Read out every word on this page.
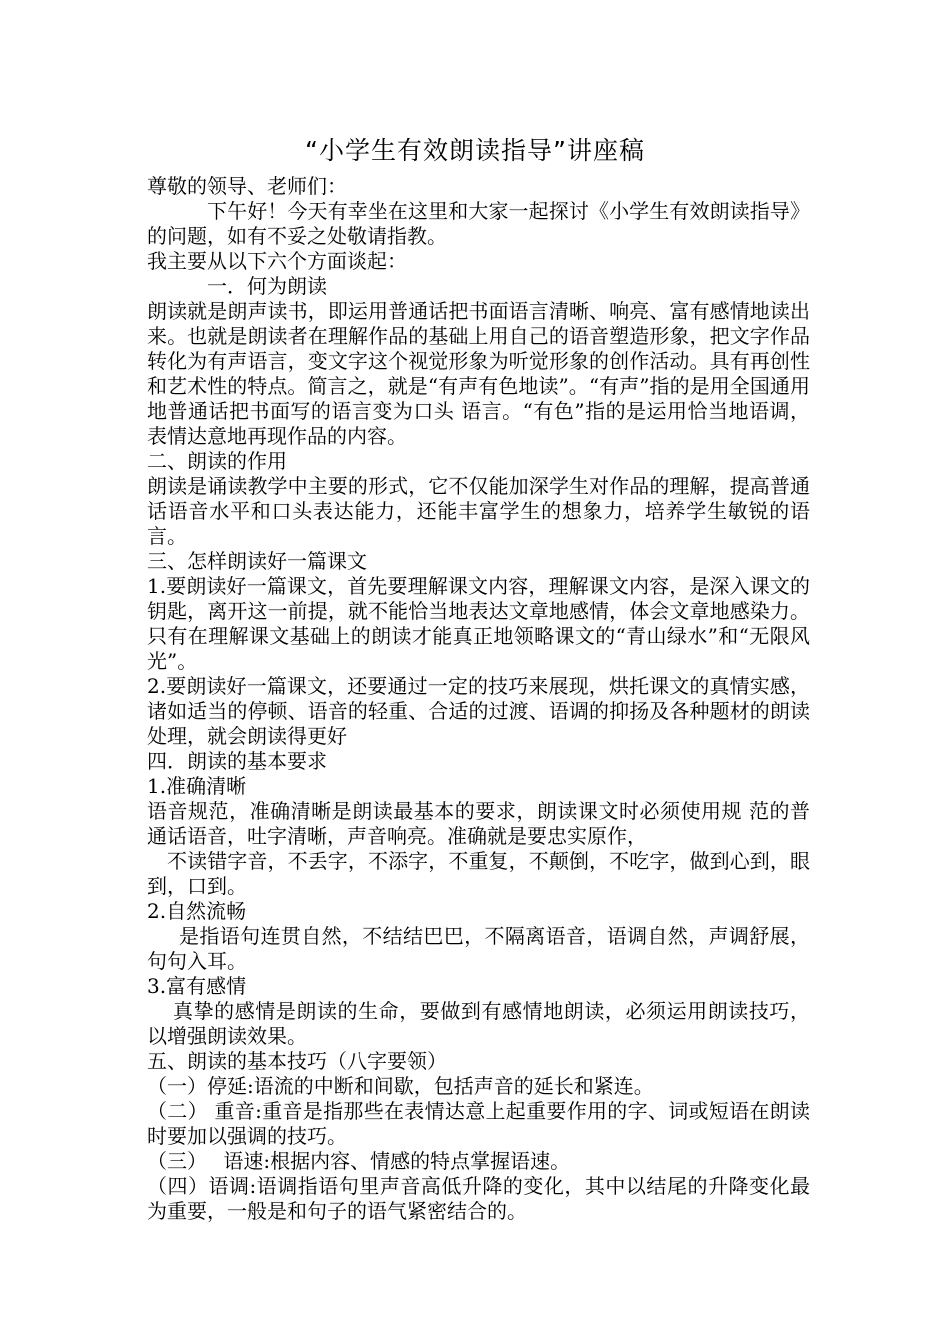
“小学生有效朗读指导”讲座稿

尊敬的领导、老师们：

下午好！今天有幸坐在这里和大家一起探讨《小学生有效朗读指导》的问题，如有不妥之处敬请指教。

我主要从以下六个方面谈起：

一．何为朗读

朗读就是朗声读书，即运用普通话把书面语言清晰、响亮、富有感情地读出来。也就是朗读者在理解作品的基础上用自己的语音塑造形象，把文字作品转化为有声语言，变文字这个视觉形象为听觉形象的创作活动。具有再创性和艺术性的特点。简言之，就是“有声有色地读”。“有声”指的是用全国通用地普通话把书面写的语言变为口头 语言。“有色”指的是运用恰当地语调，表情达意地再现作品的内容。

二、朗读的作用

朗读是诵读教学中主要的形式，它不仅能加深学生对作品的理解，提高普通话语音水平和口头表达能力，还能丰富学生的想象力，培养学生敏锐的语言。

三、怎样朗读好一篇课文

1.要朗读好一篇课文，首先要理解课文内容，理解课文内容，是深入课文的钥匙，离开这一前提，就不能恰当地表达文章地感情，体会文章地感染力。只有在理解课文基础上的朗读才能真正地领略课文的“青山绿水”和“无限风光”。

2.要朗读好一篇课文，还要通过一定的技巧来展现，烘托课文的真情实感，诸如适当的停顿、语音的轻重、合适的过渡、语调的抑扬及各种题材的朗读处理，就会朗读得更好

四．朗读的基本要求

1.准确清晰

语音规范，准确清晰是朗读最基本的要求，朗读课文时必须使用规 范的普通话语音，吐字清晰，声音响亮。准确就是要忠实原作，

不读错字音，不丢字，不添字，不重复，不颠倒，不吃字，做到心到，眼到，口到。

2.自然流畅

是指语句连贯自然，不结结巴巴，不隔离语音，语调自然，声调舒展，句句入耳。

3.富有感情

真挚的感情是朗读的生命，要做到有感情地朗读，必须运用朗读技巧，以增强朗读效果。

五、朗读的基本技巧（八字要领）

（一）停延:语流的中断和间歇，包括声音的延长和紧连。

（二） 重音:重音是指那些在表情达意上起重要作用的字、词或短语在朗读时要加以强调的技巧。

（三）　 语速:根据内容、情感的特点掌握语速。

（四）语调:语调指语句里声音高低升降的变化，其中以结尾的升降变化最为重要，一般是和句子的语气紧密结合的。
